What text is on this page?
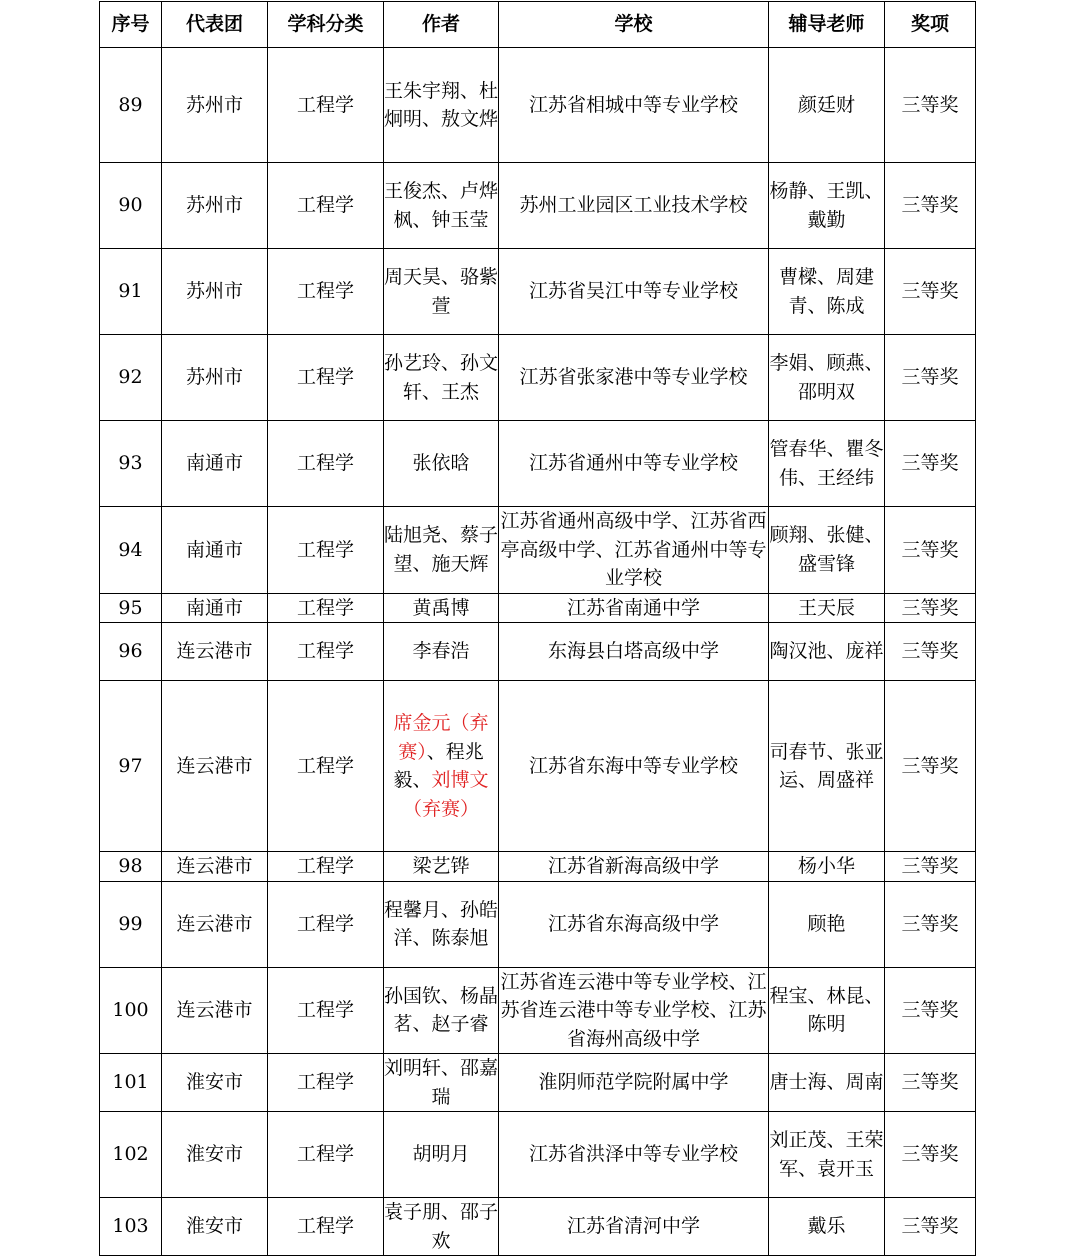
序号	代表团	学科分类	作者	学校	辅导老师	奖项
89	苏州市	工程学	王朱宇翔、杜炯明、敖文烨	江苏省相城中等专业学校	颜廷财	三等奖
90	苏州市	工程学	王俊杰、卢烨枫、钟玉莹	苏州工业园区工业技术学校	杨静、王凯、戴勤	三等奖
91	苏州市	工程学	周天昊、骆紫萱	江苏省吴江中等专业学校	曹樑、周建青、陈成	三等奖
92	苏州市	工程学	孙艺玲、孙文轩、王杰	江苏省张家港中等专业学校	李娟、顾燕、邵明双	三等奖
93	南通市	工程学	张依晗	江苏省通州中等专业学校	管春华、瞿冬伟、王经纬	三等奖
94	南通市	工程学	陆旭尧、蔡子望、施天辉	江苏省通州高级中学、江苏省西亭高级中学、江苏省通州中等专业学校	顾翔、张健、盛雪锋	三等奖
95	南通市	工程学	黄禹博	江苏省南通中学	王天辰	三等奖
96	连云港市	工程学	李春浩	东海县白塔高级中学	陶汉池、庞祥	三等奖
97	连云港市	工程学	席金元（弃赛）、程兆毅、刘博文（弃赛）	江苏省东海中等专业学校	司春节、张亚运、周盛祥	三等奖
98	连云港市	工程学	梁艺铧	江苏省新海高级中学	杨小华	三等奖
99	连云港市	工程学	程馨月、孙皓洋、陈泰旭	江苏省东海高级中学	顾艳	三等奖
100	连云港市	工程学	孙国钦、杨晶茗、赵子睿	江苏省连云港中等专业学校、江苏省连云港中等专业学校、江苏省海州高级中学	程宝、林昆、陈明	三等奖
101	淮安市	工程学	刘明轩、邵嘉瑞	淮阴师范学院附属中学	唐士海、周南	三等奖
102	淮安市	工程学	胡明月	江苏省洪泽中等专业学校	刘正茂、王荣军、袁开玉	三等奖
103	淮安市	工程学	袁子朋、邵子欢	江苏省清河中学	戴乐	三等奖
